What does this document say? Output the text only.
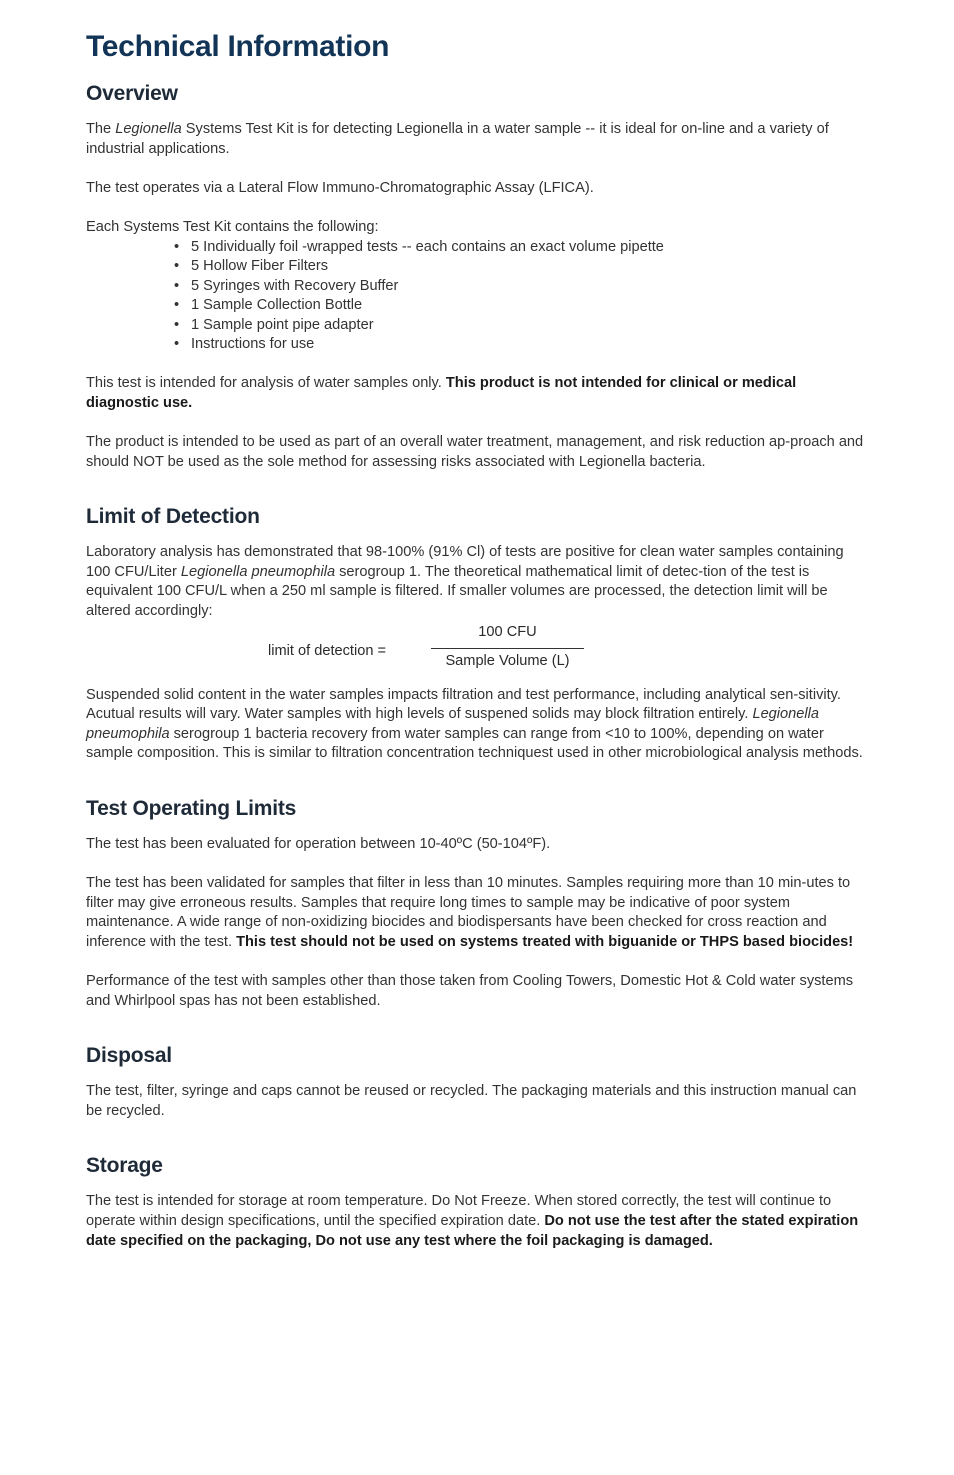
Technical Information
Overview

The Legionella Systems Test Kit is for detecting Legionella in a water sample -- it is ideal for on-line and a variety of industrial applications.

The test operates via a Lateral Flow Immuno-Chromatographic Assay (LFICA).

Each Systems Test Kit contains the following:

• 5 Individually foil -wrapped tests -- each contains an exact volume pipette
• 5 Hollow Fiber Filters
• 5 Syringes with Recovery Buffer
• 1 Sample Collection Bottle
• 1 Sample point pipe adapter
• Instructions for use

This test is intended for analysis of water samples only. This product is not intended for clinical or medical diagnostic use.

The product is intended to be used as part of an overall water treatment, management, and risk reduction ap-proach and should NOT be used as the sole method for assessing risks associated with Legionella bacteria.

Limit of Detection

Laboratory analysis has demonstrated that 98-100% (91% Cl) of tests are positive for clean water samples containing 100 CFU/Liter Legionella pneumophila serogroup 1. The theoretical mathematical limit of detec-tion of the test is equivalent 100 CFU/L when a 250 ml sample is filtered. If smaller volumes are processed, the detection limit will be altered accordingly:

limit of detection =
100 CFU
Sample Volume (L)

Suspended solid content in the water samples impacts filtration and test performance, including analytical sen-sitivity. Acutual results will vary. Water samples with high levels of suspened solids may block filtration entirely. Legionella pneumophila serogroup 1 bacteria recovery from water samples can range from <10 to 100%, depending on water sample composition. This is similar to filtration concentration techniquest used in other microbiological analysis methods.

Test Operating Limits

The test has been evaluated for operation between 10-40ºC (50-104ºF).

The test has been validated for samples that filter in less than 10 minutes. Samples requiring more than 10 min-utes to filter may give erroneous results. Samples that require long times to sample may be indicative of poor system maintenance. A wide range of non-oxidizing biocides and biodispersants have been checked for cross reaction and inference with the test. This test should not be used on systems treated with biguanide or THPS based biocides!

Performance of the test with samples other than those taken from Cooling Towers, Domestic Hot & Cold water systems and Whirlpool spas has not been established.

Disposal

The test, filter, syringe and caps cannot be reused or recycled. The packaging materials and this instruction manual can be recycled.

Storage

The test is intended for storage at room temperature. Do Not Freeze. When stored correctly, the test will continue to operate within design specifications, until the specified expiration date. Do not use the test after the stated expiration date specified on the packaging, Do not use any test where the foil packaging is damaged.
